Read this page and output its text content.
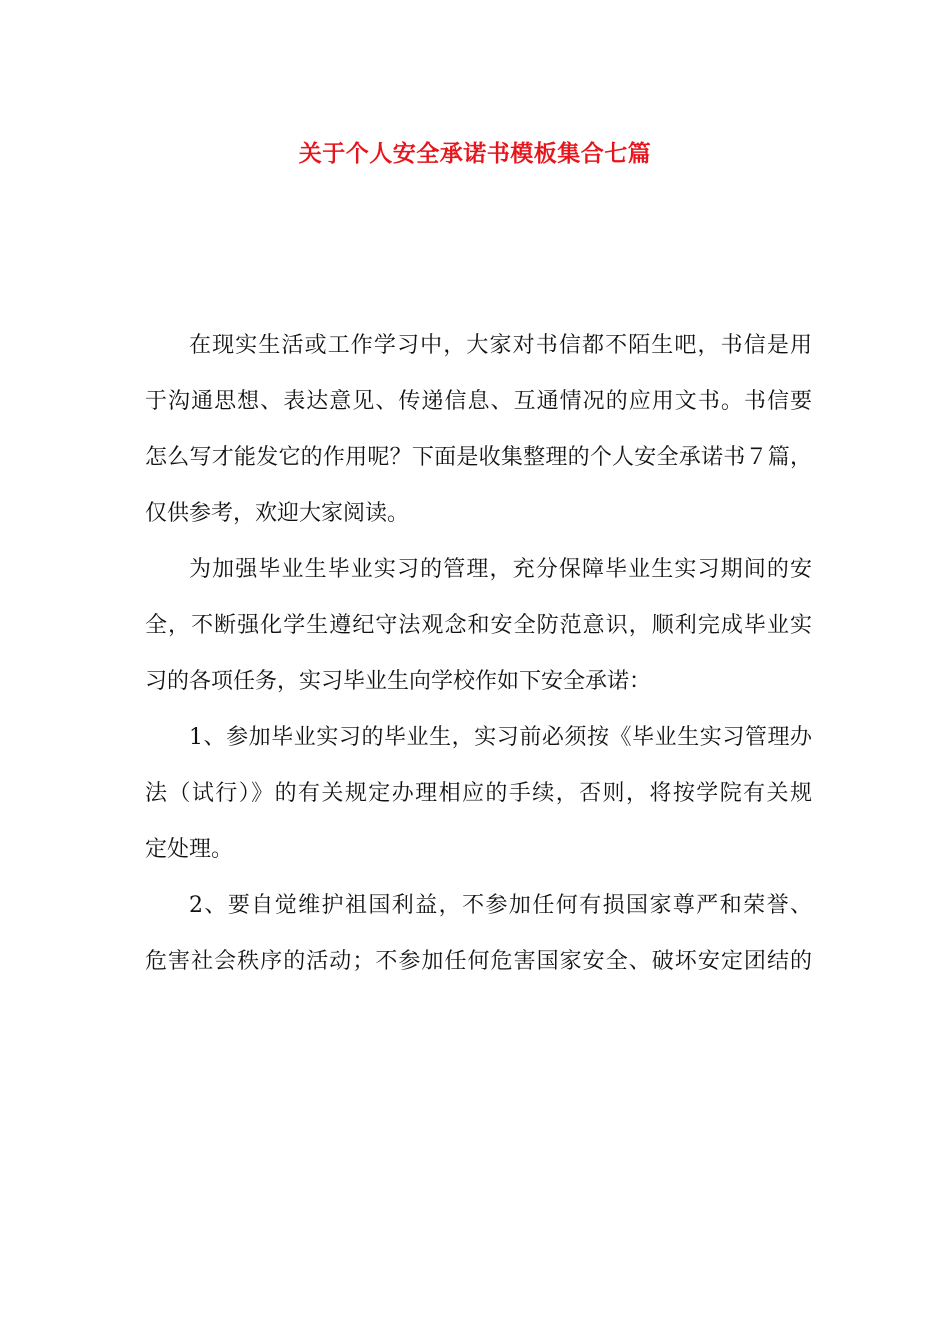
关于个人安全承诺书模板集合七篇
在现实生活或工作学习中，大家对书信都不陌生吧，书信是用
于沟通思想、表达意见、传递信息、互通情况的应用文书。书信要
怎么写才能发它的作用呢？下面是收集整理的个人安全承诺书７篇，
仅供参考，欢迎大家阅读。
为加强毕业生毕业实习的管理，充分保障毕业生实习期间的安
全，不断强化学生遵纪守法观念和安全防范意识，顺利完成毕业实
习的各项任务，实习毕业生向学校作如下安全承诺：
1、参加毕业实习的毕业生，实习前必须按《毕业生实习管理办
法（试行）》的有关规定办理相应的手续，否则，将按学院有关规
定处理。
2、要自觉维护祖国利益，不参加任何有损国家尊严和荣誉、
危害社会秩序的活动；不参加任何危害国家安全、破坏安定团结的
